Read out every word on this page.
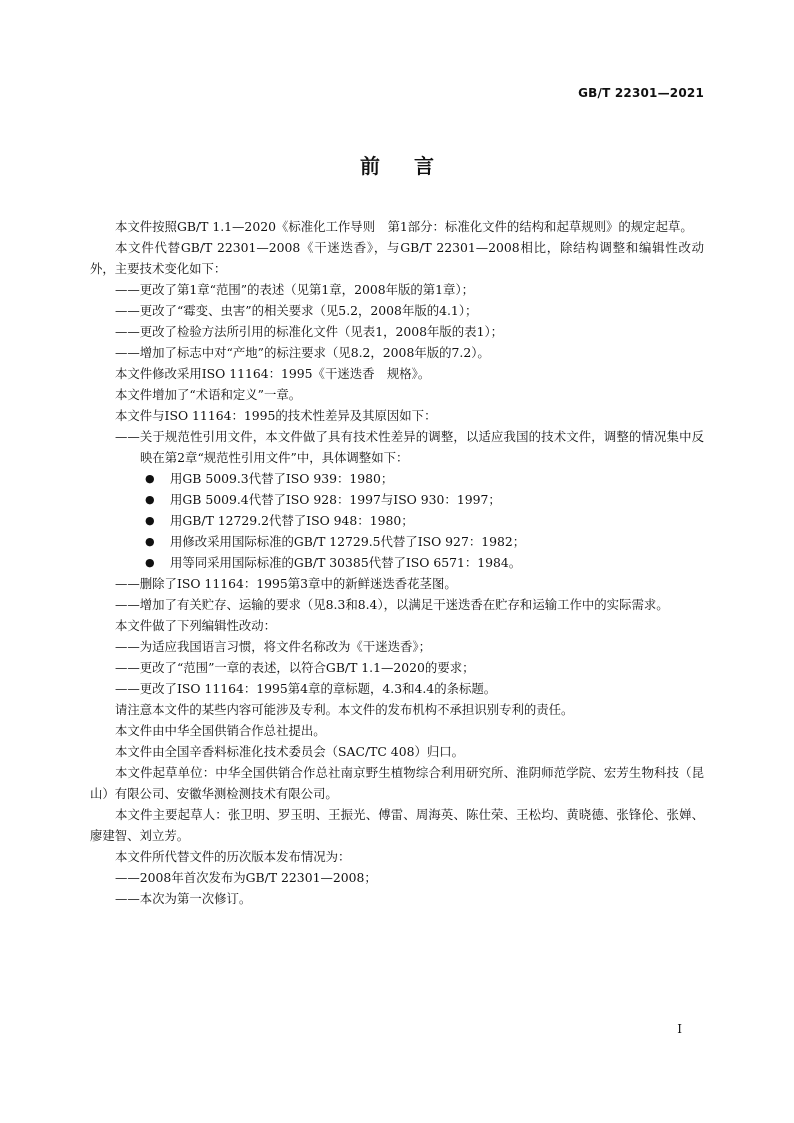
GB/T 22301—2021
前言

本文件按照GB/T 1.1—2020《标准化工作导则　第1部分：标准化文件的结构和起草规则》的规定起草。

本文件代替GB/T 22301—2008《干迷迭香》，与GB/T 22301—2008相比，除结构调整和编辑性改动外，主要技术变化如下：

——更改了第1章“范围”的表述（见第1章，2008年版的第1章）；

——更改了“霉变、虫害”的相关要求（见5.2，2008年版的4.1）；

——更改了检验方法所引用的标准化文件（见表1，2008年版的表1）；

——增加了标志中对“产地”的标注要求（见8.2，2008年版的7.2）。

本文件修改采用ISO 11164：1995《干迷迭香　规格》。

本文件增加了“术语和定义”一章。

本文件与ISO 11164：1995的技术性差异及其原因如下：

——关于规范性引用文件，本文件做了具有技术性差异的调整，以适应我国的技术文件，调整的情况集中反映在第2章“规范性引用文件”中，具体调整如下：

● 用GB 5009.3代替了ISO 939：1980；

● 用GB 5009.4代替了ISO 928：1997与ISO 930：1997；

● 用GB/T 12729.2代替了ISO 948：1980；

● 用修改采用国际标准的GB/T 12729.5代替了ISO 927：1982；

● 用等同采用国际标准的GB/T 30385代替了ISO 6571：1984。

——删除了ISO 11164：1995第3章中的新鲜迷迭香花茎图。

——增加了有关贮存、运输的要求（见8.3和8.4），以满足干迷迭香在贮存和运输工作中的实际需求。

本文件做了下列编辑性改动：

——为适应我国语言习惯，将文件名称改为《干迷迭香》；

——更改了“范围”一章的表述，以符合GB/T 1.1—2020的要求；

——更改了ISO 11164：1995第4章的章标题，4.3和4.4的条标题。

请注意本文件的某些内容可能涉及专利。本文件的发布机构不承担识别专利的责任。

本文件由中华全国供销合作总社提出。

本文件由全国辛香料标准化技术委员会（SAC/TC 408）归口。

本文件起草单位：中华全国供销合作总社南京野生植物综合利用研究所、淮阴师范学院、宏芳生物科技（昆山）有限公司、安徽华测检测技术有限公司。

本文件主要起草人：张卫明、罗玉明、王振光、傅雷、周海英、陈仕荣、王松均、黄晓德、张锋伦、张婵、廖建智、刘立芳。

本文件所代替文件的历次版本发布情况为：

——2008年首次发布为GB/T 22301—2008；

——本次为第一次修订。

I
